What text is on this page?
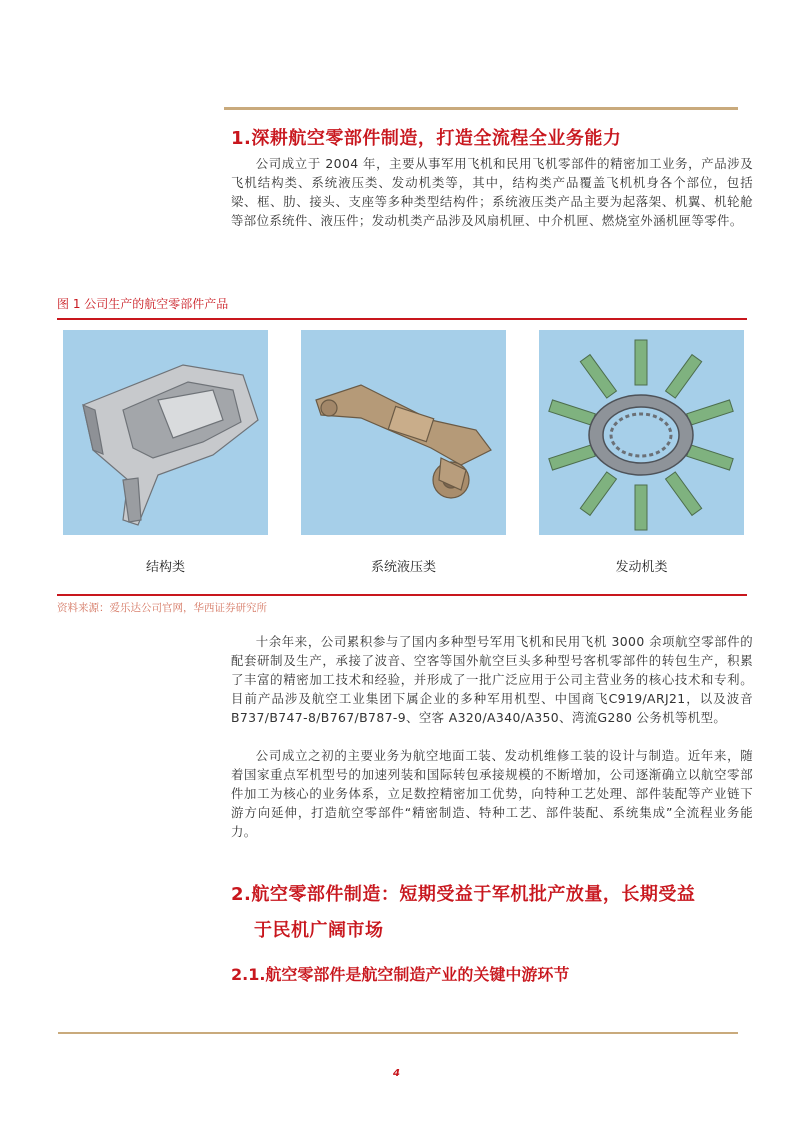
1.深耕航空零部件制造，打造全流程全业务能力

公司成立于 2004 年，主要从事军用飞机和民用飞机零部件的精密加工业务，产品涉及飞机结构类、系统液压类、发动机类等，其中，结构类产品覆盖飞机机身各个部位，包括梁、框、肋、接头、支座等多种类型结构件；系统液压类产品主要为起落架、机翼、机轮舱等部位系统件、液压件；发动机类产品涉及风扇机匣、中介机匣、燃烧室外涵机匣等零件。

图 1 公司生产的航空零部件产品
结构类	系统液压类	发动机类
资料来源：爱乐达公司官网，华西证券研究所

十余年来，公司累积参与了国内多种型号军用飞机和民用飞机 3000 余项航空零部件的配套研制及生产，承接了波音、空客等国外航空巨头多种型号客机零部件的转包生产，积累了丰富的精密加工技术和经验，并形成了一批广泛应用于公司主营业务的核心技术和专利。目前产品涉及航空工业集团下属企业的多种军用机型、中国商飞C919/ARJ21，以及波音 B737/B747-8/B767/B787-9、空客 A320/A340/A350、湾流G280 公务机等机型。

公司成立之初的主要业务为航空地面工装、发动机维修工装的设计与制造。近年来，随着国家重点军机型号的加速列装和国际转包承接规模的不断增加，公司逐渐确立以航空零部件加工为核心的业务体系，立足数控精密加工优势，向特种工艺处理、部件装配等产业链下游方向延伸，打造航空零部件“精密制造、特种工艺、部件装配、系统集成”全流程业务能力。

2.航空零部件制造：短期受益于军机批产放量，长期受益
于民机广阔市场
2.1.航空零部件是航空制造产业的关键中游环节
4
